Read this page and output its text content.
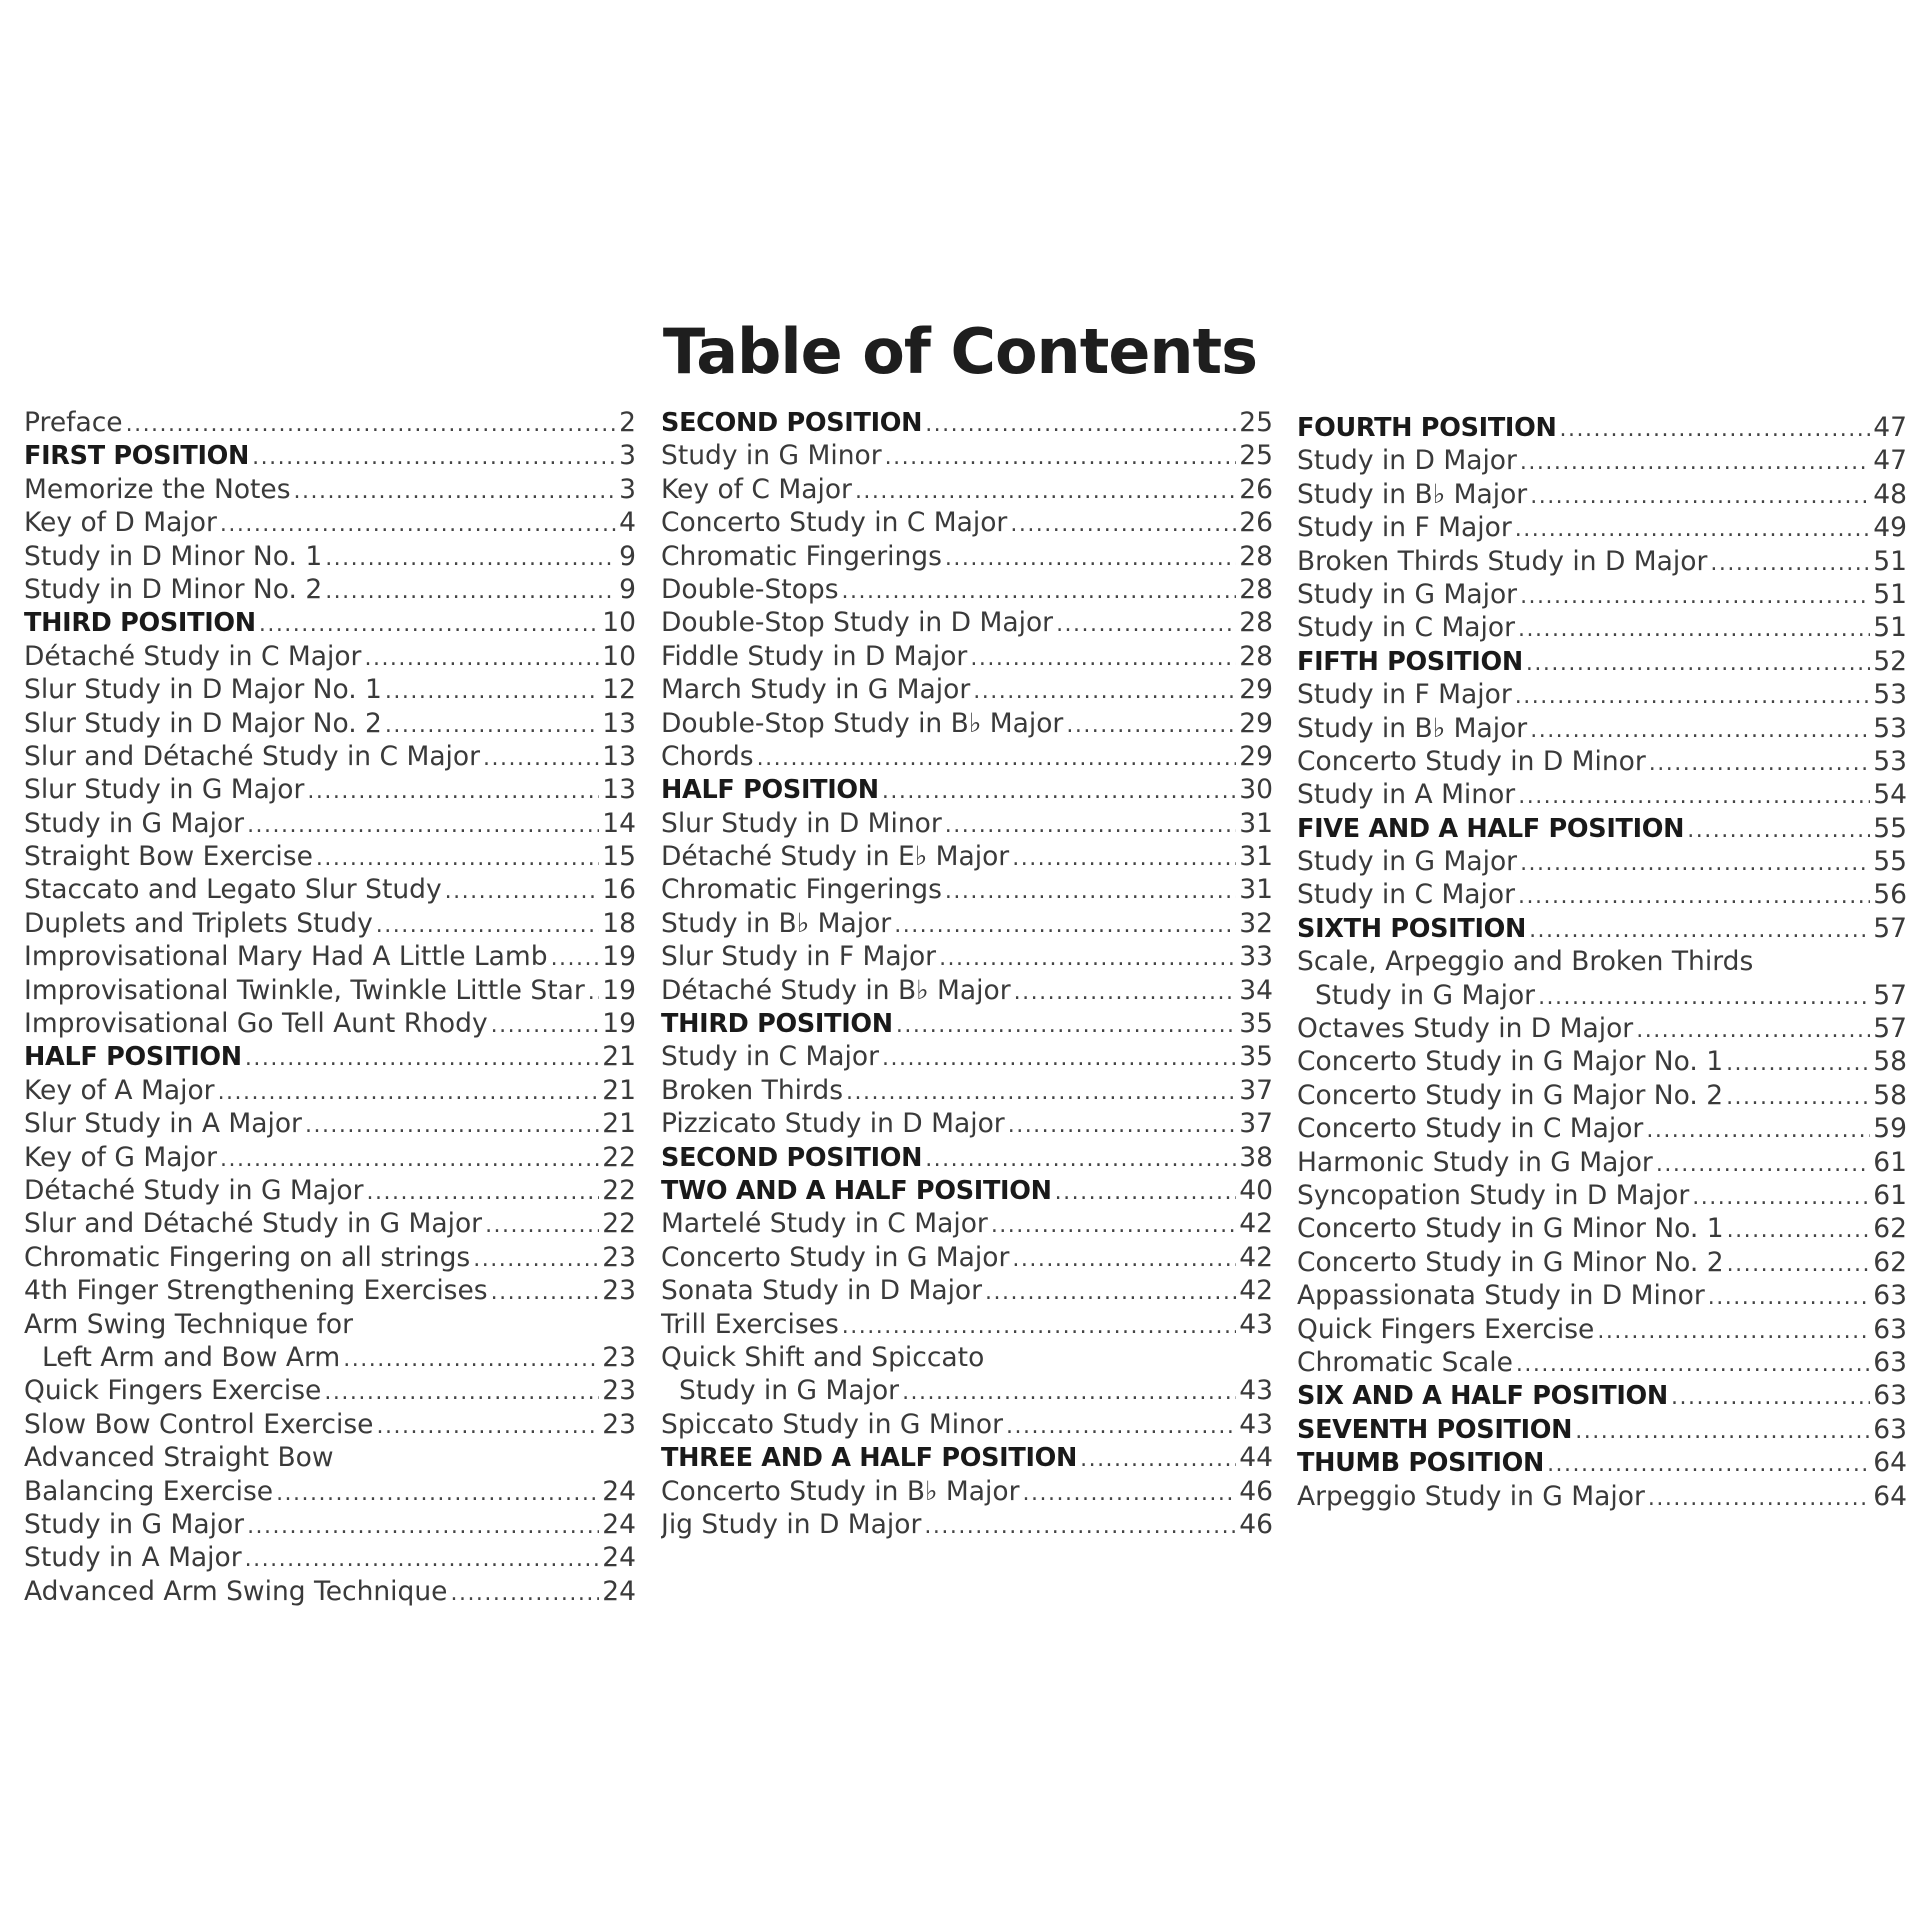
Table of Contents
Preface .....	2
FIRST POSITION .....	3
Memorize the Notes .....	3
Key of D Major .....	4
Study in D Minor No. 1 .....	9
Study in D Minor No. 2 .....	9
THIRD POSITION .....	10
Détaché Study in C Major .....	10
Slur Study in D Major No. 1 .....	12
Slur Study in D Major No. 2 .....	13
Slur and Détaché Study in C Major .....	13
Slur Study in G Major .....	13
Study in G Major .....	14
Straight Bow Exercise .....	15
Staccato and Legato Slur Study .....	16
Duplets and Triplets Study .....	18
Improvisational Mary Had A Little Lamb ..... 19
Improvisational Twinkle, Twinkle Little Star ..... 19
Improvisational Go Tell Aunt Rhody .....	19
HALF POSITION .....	21
Key of A Major .....	21
Slur Study in A Major .....	21
Key of G Major .....	22
Détaché Study in G Major .....	22
Slur and Détaché Study in G Major .....	22
Chromatic Fingering on all strings .....	23
4th Finger Strengthening Exercises .....	23
Arm Swing Technique for
Left Arm and Bow Arm .....	23
Quick Fingers Exercise .....	23
Slow Bow Control Exercise .....	23
Advanced Straight Bow
Balancing Exercise .....	24
Study in G Major .....	24
Study in A Major .....	24
Advanced Arm Swing Technique .....	24
SECOND POSITION .....	25
Study in G Minor .....	25
Key of C Major .....	26
Concerto Study in C Major .....	26
Chromatic Fingerings .....	28
Double-Stops .....	28
Double-Stop Study in D Major .....	28
Fiddle Study in D Major .....	28
March Study in G Major .....	29
Double-Stop Study in B♭ Major .....	29
Chords .....	29
HALF POSITION .....	30
Slur Study in D Minor .....	31
Détaché Study in E♭ Major .....	31
Chromatic Fingerings .....	31
Study in B♭ Major .....	32
Slur Study in F Major .....	33
Détaché Study in B♭ Major .....	34
THIRD POSITION .....	35
Study in C Major .....	35
Broken Thirds .....	37
Pizzicato Study in D Major .....	37
SECOND POSITION .....	38
TWO AND A HALF POSITION .....	40
Martelé Study in C Major .....	42
Concerto Study in G Major .....	42
Sonata Study in D Major .....	42
Trill Exercises .....	43
Quick Shift and Spiccato
Study in G Major .....	43
Spiccato Study in G Minor .....	43
THREE AND A HALF POSITION .....	44
Concerto Study in B♭ Major .....	46
Jig Study in D Major .....	46
FOURTH POSITION .....	47
Study in D Major .....	47
Study in B♭ Major .....	48
Study in F Major .....	49
Broken Thirds Study in D Major .....	51
Study in G Major .....	51
Study in C Major .....	51
FIFTH POSITION .....	52
Study in F Major .....	53
Study in B♭ Major .....	53
Concerto Study in D Minor .....	53
Study in A Minor .....	54
FIVE AND A HALF POSITION .....	55
Study in G Major .....	55
Study in C Major .....	56
SIXTH POSITION .....	57
Scale, Arpeggio and Broken Thirds
Study in G Major .....	57
Octaves Study in D Major .....	57
Concerto Study in G Major No. 1 .....	58
Concerto Study in G Major No. 2 .....	58
Concerto Study in C Major .....	59
Harmonic Study in G Major .....	61
Syncopation Study in D Major .....	61
Concerto Study in G Minor No. 1 .....	62
Concerto Study in G Minor No. 2 .....	62
Appassionata Study in D Minor .....	63
Quick Fingers Exercise .....	63
Chromatic Scale .....	63
SIX AND A HALF POSITION .....	63
SEVENTH POSITION .....	63
THUMB POSITION .....	64
Arpeggio Study in G Major .....	64
